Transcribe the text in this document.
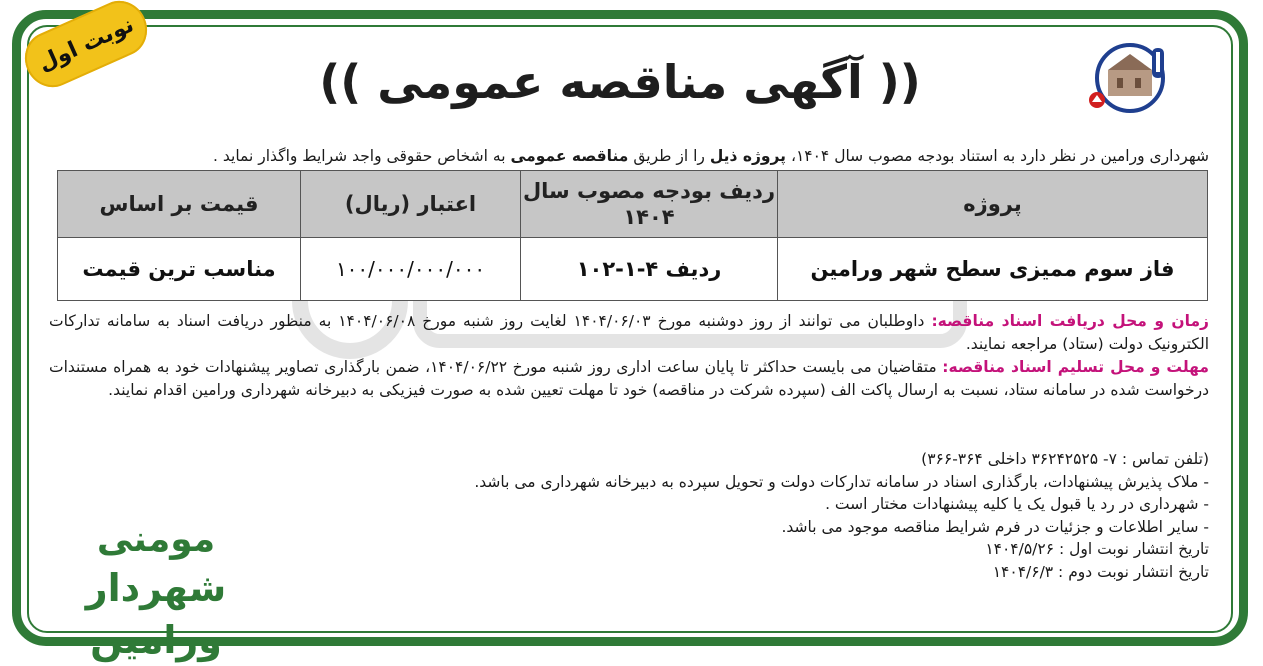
نوبت اول
(( آگهی مناقصه عمومی ))
شهرداری ورامین در نظر دارد به استناد بودجه مصوب سال ۱۴۰۴، پروژه ذیل را از طریق مناقصه عمومی به اشخاص حقوقی واجد شرایط واگذار نماید .
پروژه	ردیف بودجه مصوب سال ۱۴۰۴	اعتبار (ریال)	قیمت بر اساس
فاز سوم ممیزی سطح شهر ورامین	ردیف ۴-۱-۱۰۲	۱۰۰/۰۰۰/۰۰۰/۰۰۰	مناسب ترین قیمت

زمان و محل دریافت اسناد مناقصه: داوطلبان می توانند از روز دوشنبه مورخ ۱۴۰۴/۰۶/۰۳ لغایت روز شنبه مورخ ۱۴۰۴/۰۶/۰۸ به منظور دریافت اسناد به سامانه تدارکات الکترونیک دولت (ستاد) مراجعه نمایند.

مهلت و محل تسلیم اسناد مناقصه: متقاضیان می بایست حداکثر تا پایان ساعت اداری روز شنبه مورخ ۱۴۰۴/۰۶/۲۲، ضمن بارگذاری تصاویر پیشنهادات خود به همراه مستندات درخواست شده در سامانه ستاد، نسبت به ارسال پاکت الف (سپرده شرکت در مناقصه) خود تا مهلت تعیین شده به صورت فیزیکی به دبیرخانه شهرداری ورامین اقدام نمایند.

(تلفن تماس : ۷- ۳۶۲۴۲۵۲۵ داخلی ۳۶۴-۳۶۶)
- ملاک پذیرش پیشنهادات، بارگذاری اسناد در سامانه تدارکات دولت و تحویل سپرده به دبیرخانه شهرداری می باشد.
- شهرداری در رد یا قبول یک یا کلیه پیشنهادات مختار است .
- سایر اطلاعات و جزئیات در فرم شرایط مناقصه موجود می باشد.
تاریخ انتشار نوبت اول : ۱۴۰۴/۵/۲۶
تاریخ انتشار نوبت دوم : ۱۴۰۴/۶/۳
مومنی
شهردار ورامین
